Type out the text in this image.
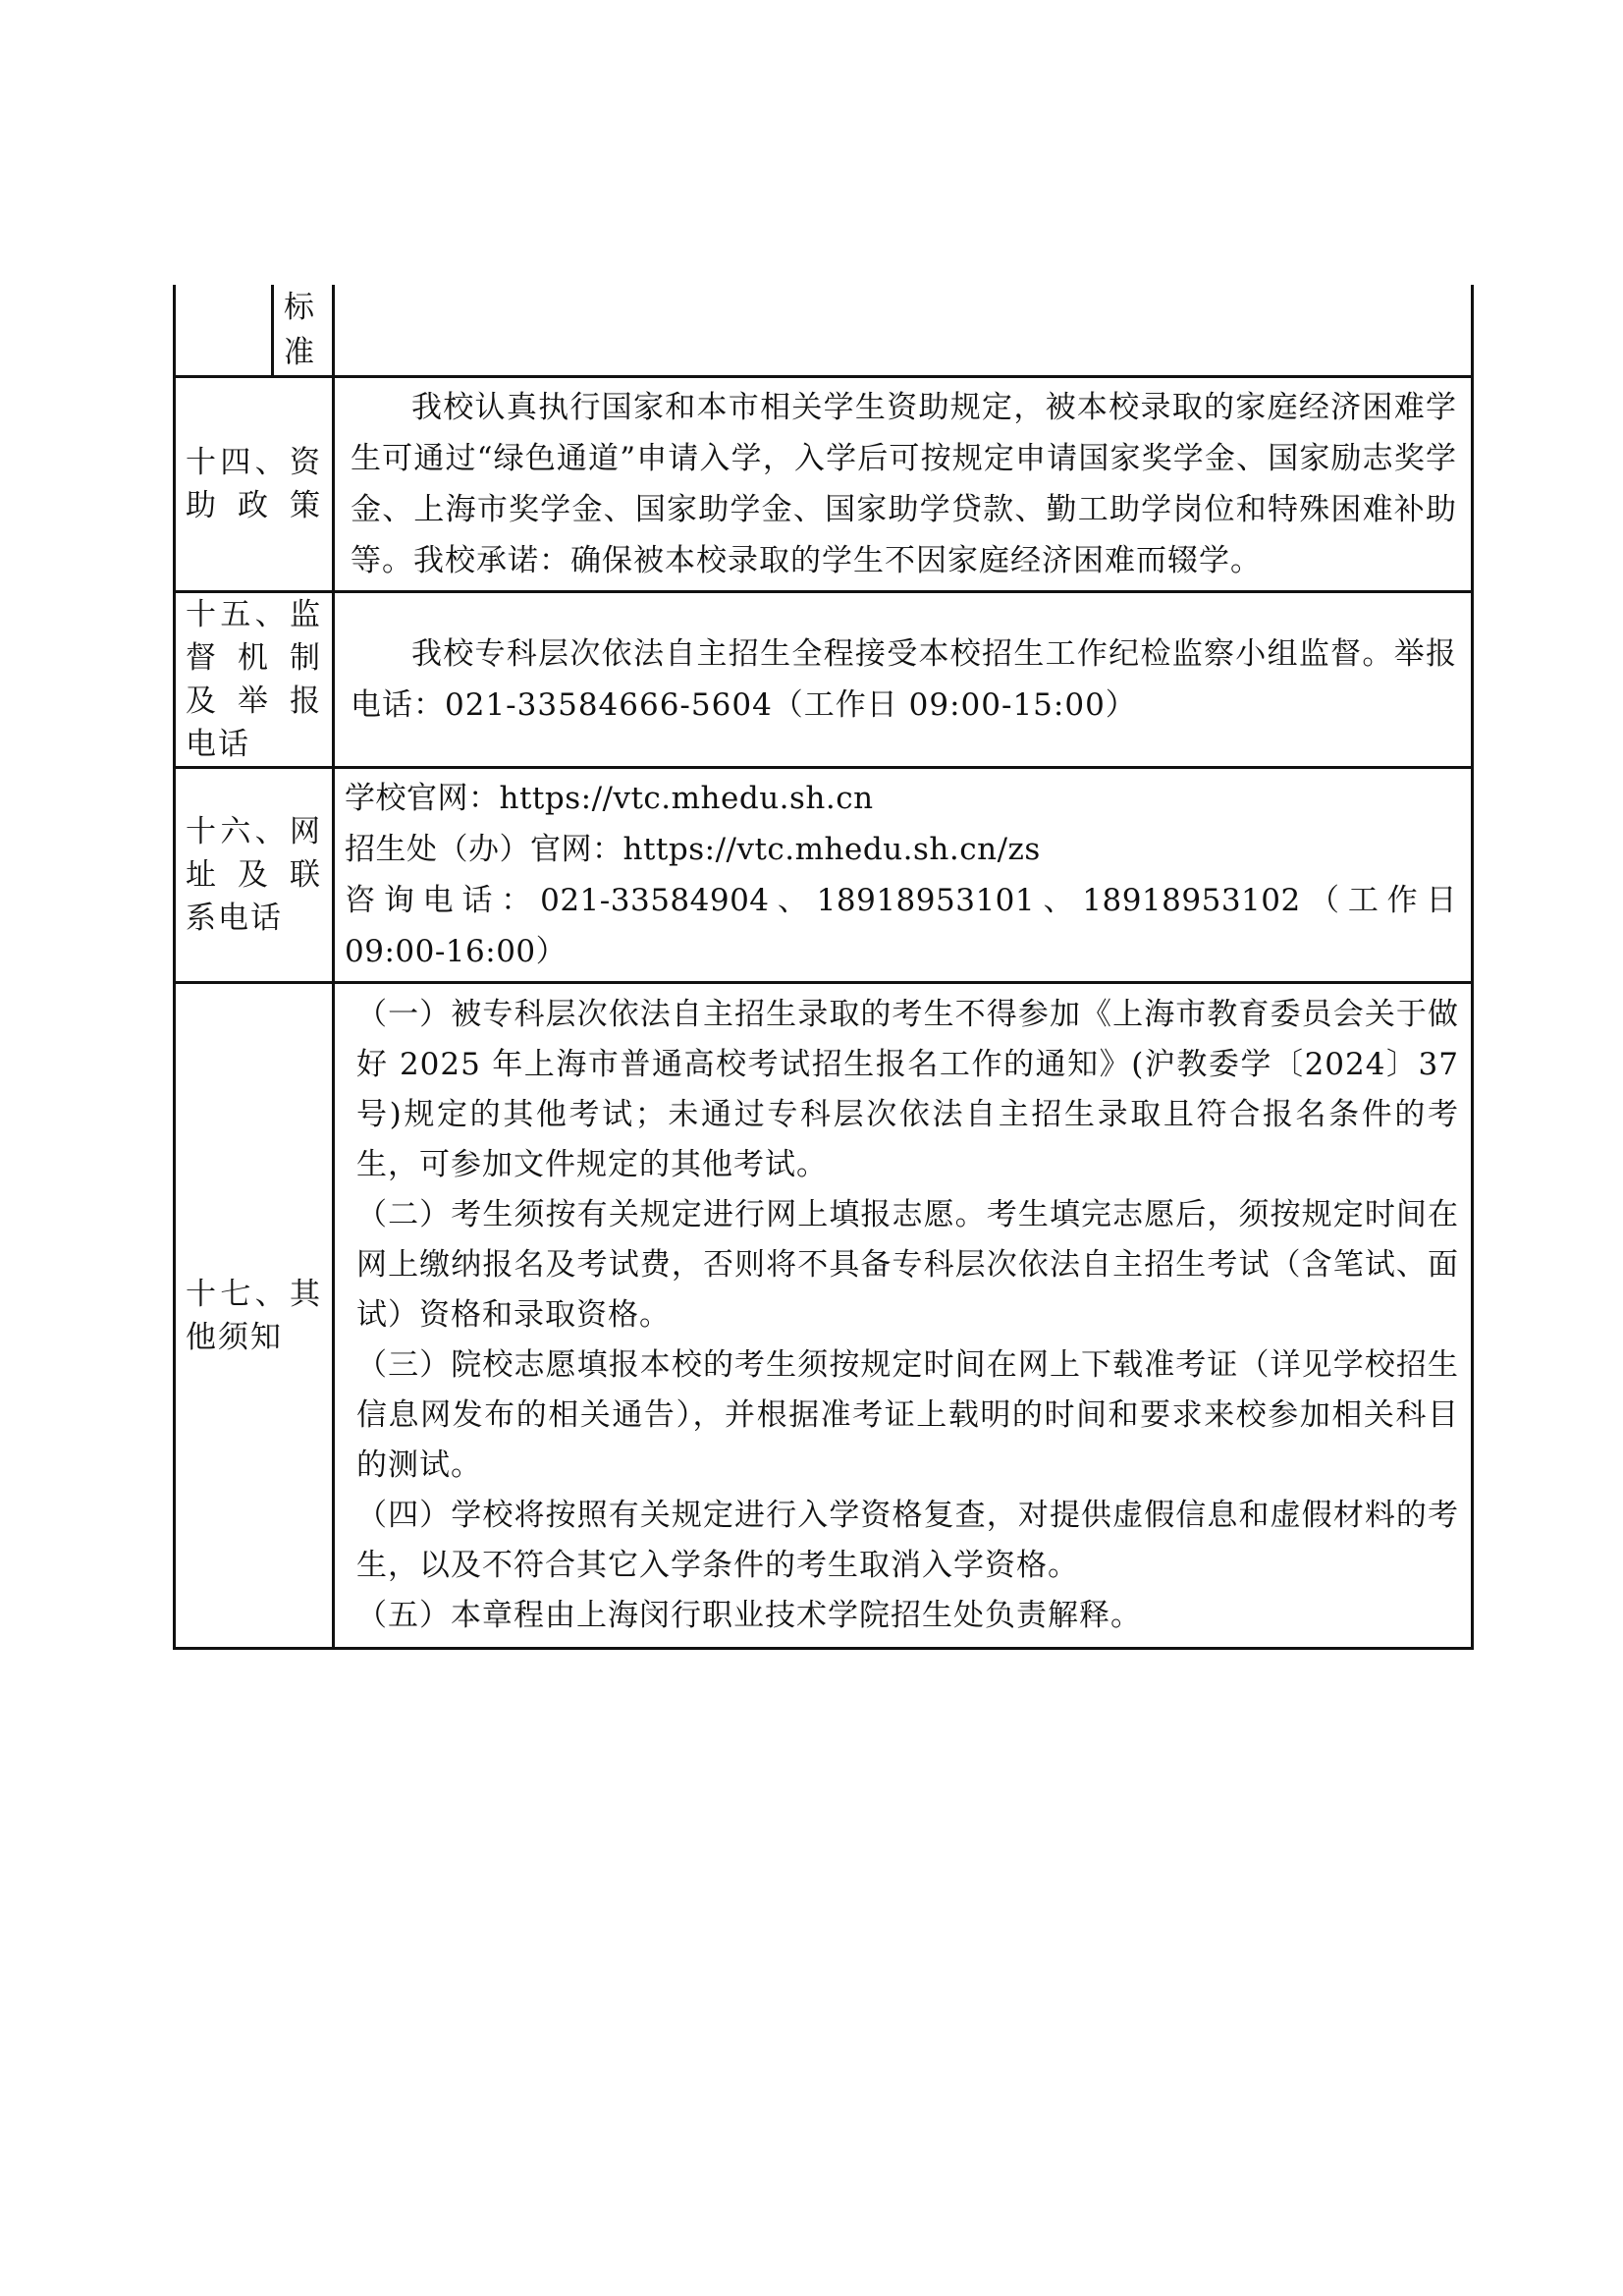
	标
准	

十四、资
助政策		我校认真执行国家和本市相关学生资助规定，被本校录取的家庭经济困难学生可通过“绿色通道”申请入学，入学后可按规定申请国家奖学金、国家励志奖学金、上海市奖学金、国家助学金、国家助学贷款、勤工助学岗位和特殊困难补助等。我校承诺：确保被本校录取的学生不因家庭经济困难而辍学。

十五、监
督 机 制
及 举 报
电话		我校专科层次依法自主招生全程接受本校招生工作纪检监察小组监督。举报电话：021-33584666-5604（工作日 09:00-15:00）

十六、网
址 及 联
系电话		学校官网：https://vtc.mhedu.sh.cn
招生处（办）官网：https://vtc.mhedu.sh.cn/zs
咨询电话：021-33584904、18918953101、18918953102（工作日 09:00-16:00）

十七、其
他须知		（一）被专科层次依法自主招生录取的考生不得参加《上海市教育委员会关于做好 2025 年上海市普通高校考试招生报名工作的通知》(沪教委学〔2024〕37 号)规定的其他考试；未通过专科层次依法自主招生录取且符合报名条件的考生，可参加文件规定的其他考试。
（二）考生须按有关规定进行网上填报志愿。考生填完志愿后，须按规定时间在网上缴纳报名及考试费，否则将不具备专科层次依法自主招生考试（含笔试、面试）资格和录取资格。
（三）院校志愿填报本校的考生须按规定时间在网上下载准考证（详见学校招生信息网发布的相关通告），并根据准考证上载明的时间和要求来校参加相关科目的测试。
（四）学校将按照有关规定进行入学资格复查，对提供虚假信息和虚假材料的考生，以及不符合其它入学条件的考生取消入学资格。
（五）本章程由上海闵行职业技术学院招生处负责解释。
